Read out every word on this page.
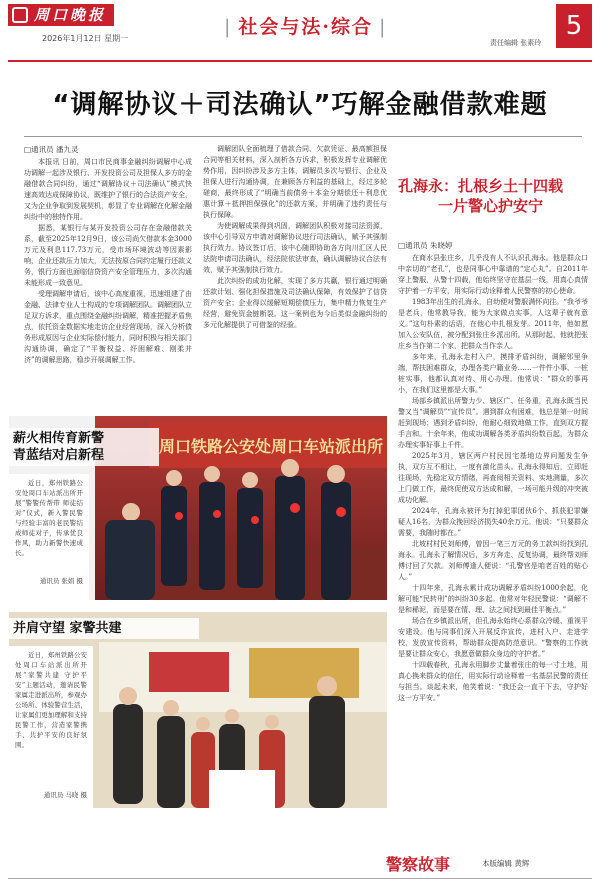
周口晚报
2026年1月12日 星期一
| 社会与法·综合 |
责任编辑 张素玲
5
“调解协议＋司法确认”巧解金融借款难题
□通讯员 潘九灵

本报讯 日前，周口市民商事金融纠纷调解中心成功调解一起涉及银行、开发投资公司及担保人多方的金融借款合同纠纷，通过“调解协议＋司法确认”模式快速高效达成保障协议，既维护了银行的合法资产安全，又为企业争取到发展契机，彰显了专业调解在化解金融纠纷中的独特作用。

据悉，某银行与某开发投资公司存在金融借款关系，截至2025年12月9日，该公司尚欠借款本金3000万元及利息117.73万元，受市场环境波动等因素影响，企业还款压力加大，无法按原合同约定履行还款义务，银行方面也面临信贷资产安全管理压力，多次沟通未能形成一致意见。

受理调解申请后，该中心高度重视，迅速组建了由金融、法律专业人士构成的专项调解团队。调解团队立足双方诉求，重点围绕金融纠纷调解，精准把握矛盾焦点，依托资金数据实地走访企业经营现场，深入分析债务形成原因与企业实际偿付能力，同时积极与相关部门沟通协调，确定了“平衡权益、纾困解难、刚柔并济”的调解思路，稳步开展调解工作。

调解团队全面梳理了借款合同、欠款凭证、最高额担保合同等相关材料，深入剖析各方诉求，积极发挥专业调解优势作用，因纠纷涉及多方主体，调解员多次与银行、企业及担保人进行沟通协调，在兼顾各方利益的基础上，经过多轮磋商，最终形成了“明确当前债务＋本金分期偿还＋利息优惠计算＋抵押担保强化”的还款方案，并明确了违约责任与执行保障。

为使调解成果得到巩固，调解团队积极对接司法资源，该中心引导双方申请对调解协议进行司法确认，赋予其强制执行效力。协议签订后，该中心随即协助各方向川汇区人民法院申请司法确认，经法院依法审查，确认调解协议合法有效，赋予其强制执行效力。

此次纠纷的成功化解，实现了多方共赢，银行通过明确还款计划、强化担保措施及司法确认保障，有效保护了信贷资产安全；企业得以缓解短期偿债压力，集中精力恢复生产经营，避免资金链断裂。这一案例也为今后类似金融纠纷的多元化解提供了可借鉴的经验。

孔海永：扎根乡土十四载
一片警心护安宁
□通讯员 朱晓婷

在商水县张庄乡，几乎没有人不认识孔海永。他是群众口中亲切的“老孔”，也是同事心中靠谱的“定心丸”。自2011年穿上警服，从警十四载，他始终坚守在基层一线，用真心真情守护着一方平安，用实际行动诠释着人民警察的初心使命。

1983年出生的孔海永，自幼便对警服满怀向往。“我爷爷是老兵，他常教导我，能为大家做点实事，人这辈子就有意义。”这句朴素的话语，在他心中扎根发芽。2011年，他如愿加入公安队伍，被分配到张庄乡派出所。从那时起，他就把张庄乡当作第二个家，把群众当作亲人。

多年来，孔海永走村入户，摸排矛盾纠纷，调解邻里争端，帮扶困难群众，办理各类户籍业务……一件件小事、一桩桩实事，他都认真对待、用心办理。他常说：“群众的事再小，在我们这里都是大事。”

场部乡镇派出所警力少、辖区广、任务重，孔海永既当民警又当“调解员”“宣传员”。遇到群众有困难，他总是第一时间赶到现场；遇到矛盾纠纷，他耐心细致地做工作，直到双方握手言和。十余年来，他成功调解各类矛盾纠纷数百起，为群众办理实事好事上千件。

2025年3月，辖区两户村民因宅基地边界问题发生争执，双方互不相让，一度有激化苗头。孔海永得知后，立即赶往现场，先稳定双方情绪，再查阅相关资料、实地测量，多次上门做工作，最终促使双方达成和解，一场可能升级的冲突被成功化解。

2024年，孔海永被评为打掉犯罪团伙6个、抓获犯罪嫌疑人16名，为群众挽回经济损失40余万元。他说：“只要群众需要，我随时都在。”

北坡村村民刘师傅，曾因一笔三万元的务工款纠纷找到孔海永。孔海永了解情况后，多方奔走、反复协调，最终帮刘师傅讨回了欠款。刘师傅逢人便说：“孔警官是咱老百姓的贴心人。”

十四年来，孔海永累计成功调解矛盾纠纷1000余起，化解可能“民转刑”的纠纷30多起。他常对年轻民警说：“调解不是和稀泥，而是要在情、理、法之间找到最佳平衡点。”

场合在乡镇派出所，但孔海永始终心系群众冷暖、重视平安建设。他与同事们深入开展反诈宣传，进村入户、走进学校，发放宣传资料，帮助群众提高防范意识。“警察的工作就是要让群众安心，我愿意做群众身边的守护者。”

十四载春秋，孔海永用脚步丈量着张庄的每一寸土地，用真心换来群众的信任，用实际行动诠释着一名基层民警的责任与担当。谈起未来，他笑着说：“我还会一直干下去，守护好这一方平安。”

周口铁路公安处周口车站派出所
薪火相传育新警
青蓝结对启新程

近日，郑州铁路公安处周口车站派出所开展“警警传帮带 师徒结对”仪式，新入警民警与经验丰富的老民警结成师徒对子，传承优良作风，助力新警快速成长。

通讯员 张娟 摄
并肩守望 家警共建

近日，郑州铁路公安处周口车站派出所开展“家警共建 守护平安”主题活动，邀请民警家属走进派出所，参观办公场所、体验警营生活，让家属们更加理解和支持民警工作，营造家警携手、共护平安的良好氛围。

通讯员 马晓 摄
警察故事	本版编辑 黄辉
